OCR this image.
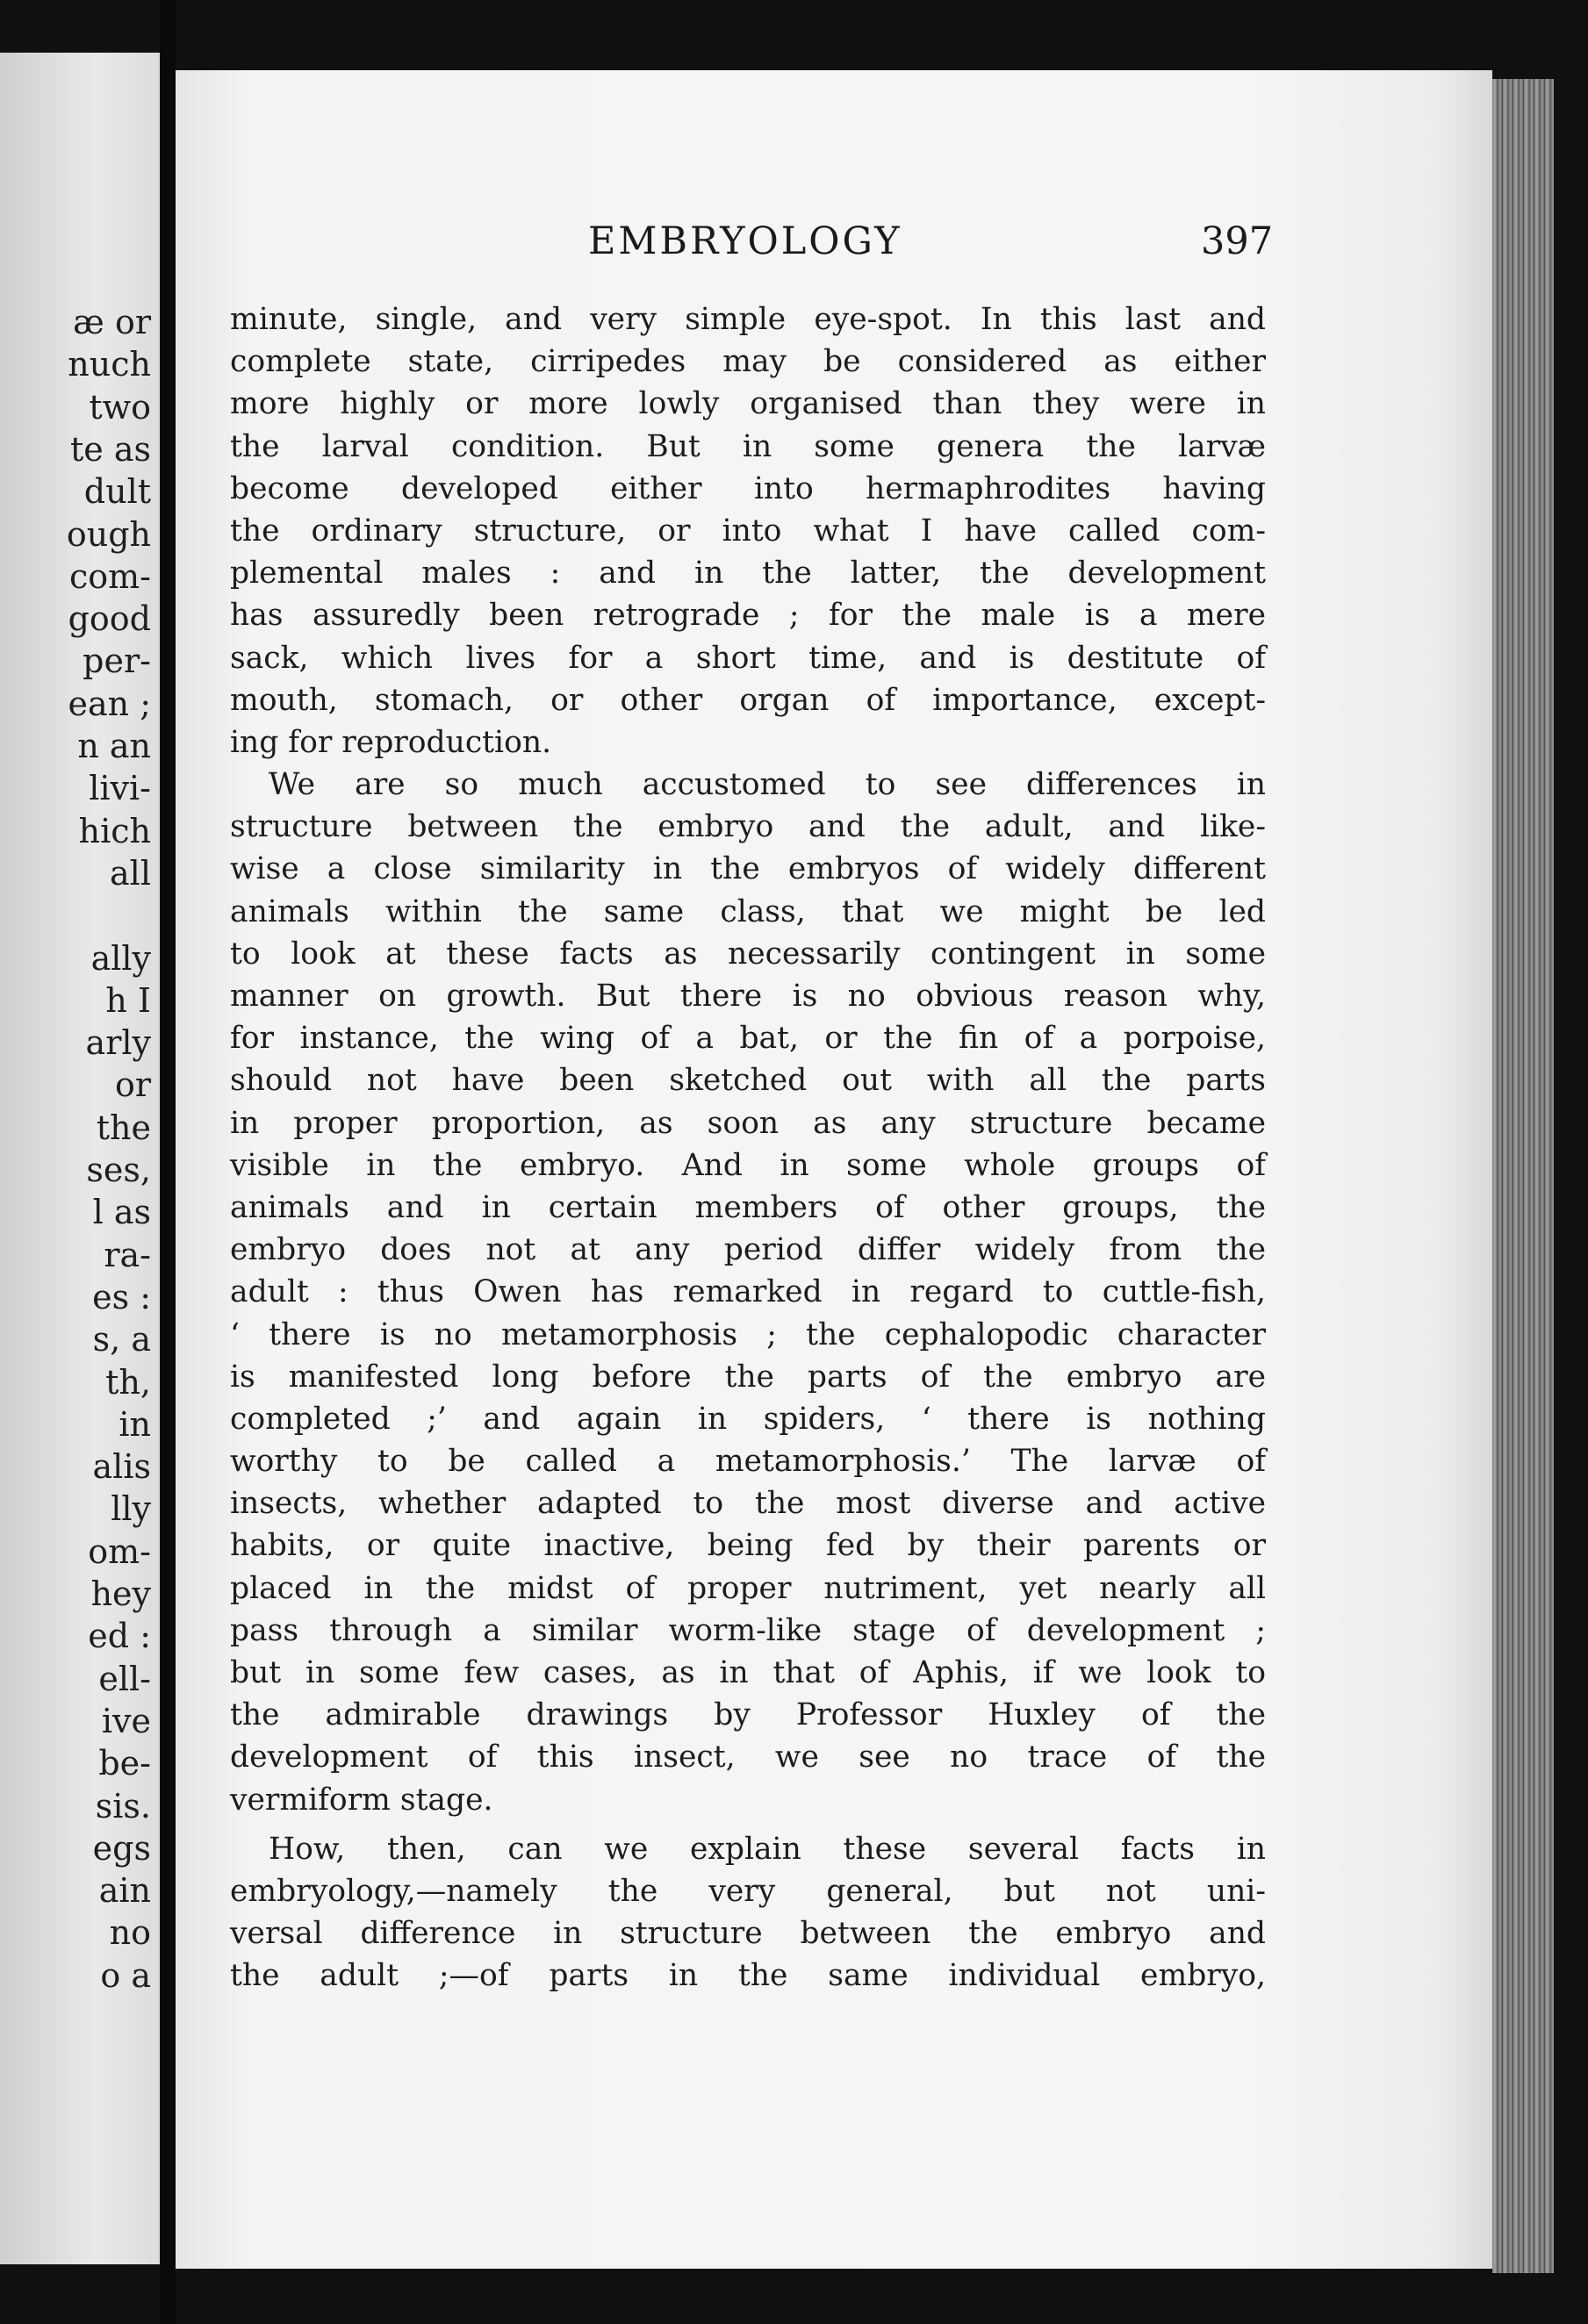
æ or
nuch
two
te as
dult
ough
com-
good
per-
ean ;
n an
livi-
hich
all
ally
h I
arly
or
the
ses,
l as
ra-
es :
s, a
th,
in
alis
lly
om-
hey
ed :
ell-
ive
be-
sis.
egs
ain
no
o a
EMBRYOLOGY	397
minute, single, and very simple eye-spot. In this last and
complete state, cirripedes may be considered as either
more highly or more lowly organised than they were in
the larval condition. But in some genera the larvæ
become developed either into hermaphrodites having
the ordinary structure, or into what I have called com-
plemental males : and in the latter, the development
has assuredly been retrograde ; for the male is a mere
sack, which lives for a short time, and is destitute of
mouth, stomach, or other organ of importance, except-
ing for reproduction.
We are so much accustomed to see differences in
structure between the embryo and the adult, and like-
wise a close similarity in the embryos of widely different
animals within the same class, that we might be led
to look at these facts as necessarily contingent in some
manner on growth. But there is no obvious reason why,
for instance, the wing of a bat, or the fin of a porpoise,
should not have been sketched out with all the parts
in proper proportion, as soon as any structure became
visible in the embryo. And in some whole groups of
animals and in certain members of other groups, the
embryo does not at any period differ widely from the
adult : thus Owen has remarked in regard to cuttle-fish,
‘ there is no metamorphosis ; the cephalopodic character
is manifested long before the parts of the embryo are
completed ;’ and again in spiders, ‘ there is nothing
worthy to be called a metamorphosis.’ The larvæ of
insects, whether adapted to the most diverse and active
habits, or quite inactive, being fed by their parents or
placed in the midst of proper nutriment, yet nearly all
pass through a similar worm-like stage of development ;
but in some few cases, as in that of Aphis, if we look to
the admirable drawings by Professor Huxley of the
development of this insect, we see no trace of the
vermiform stage.
How, then, can we explain these several facts in
embryology,—namely the very general, but not uni-
versal difference in structure between the embryo and
the adult ;—of parts in the same individual embryo,
